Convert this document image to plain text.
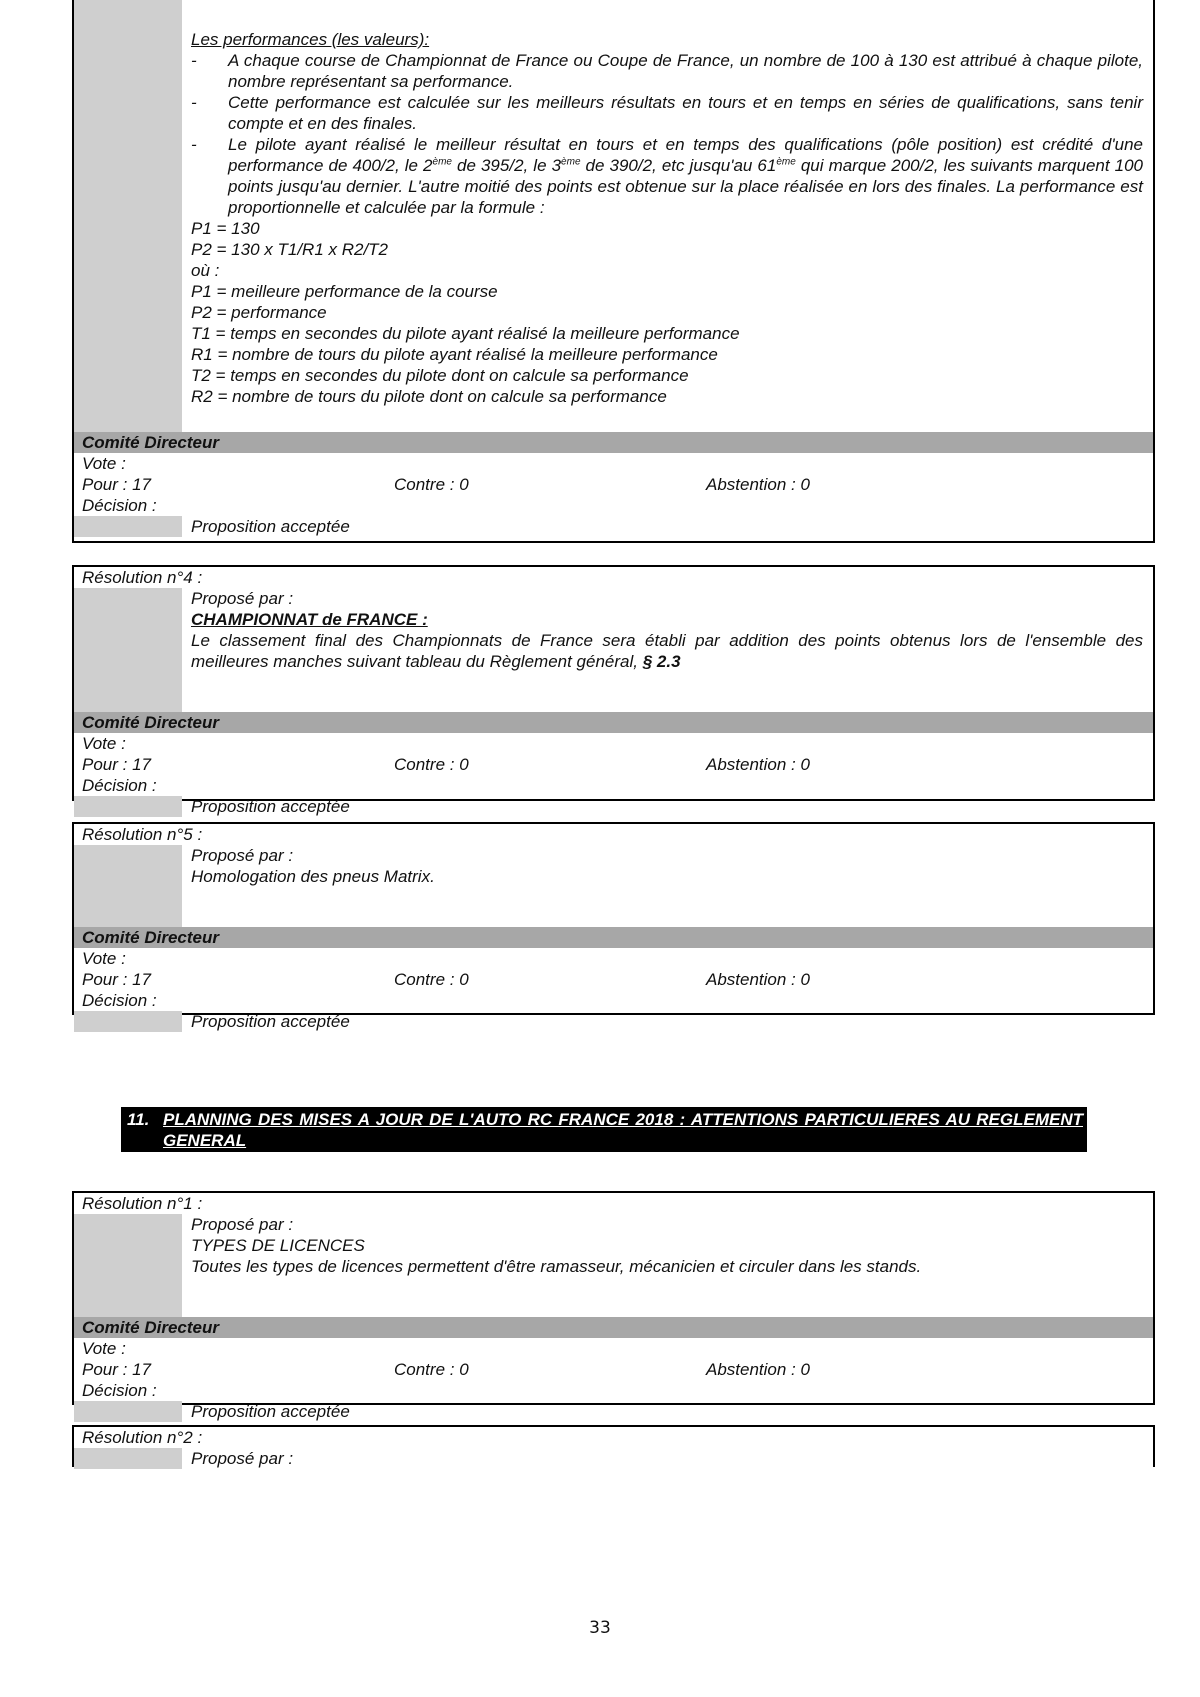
Les performances (les valeurs):
-	A chaque course de Championnat de France ou Coupe de France, un nombre de 100 à 130 est attribué à chaque pilote, nombre représentant sa performance.
-	Cette performance est calculée sur les meilleurs résultats en tours et en temps en séries de qualifications, sans tenir compte et en des finales.
-	Le pilote ayant réalisé le meilleur résultat en tours et en temps des qualifications (pôle position) est crédité d'une performance de 400/2, le 2ème de 395/2, le 3ème de 390/2, etc jusqu'au 61ème qui marque 200/2, les suivants marquent 100 points jusqu'au dernier. L'autre moitié des points est obtenue sur la place réalisée en lors des finales. La performance est proportionnelle et calculée par la formule :
P1 = 130
P2 = 130 x T1/R1 x R2/T2
où :
P1 = meilleure performance de la course
P2 = performance
T1 = temps en secondes du pilote ayant réalisé la meilleure performance
R1 = nombre de tours du pilote ayant réalisé la meilleure performance
T2 = temps en secondes du pilote dont on calcule sa performance
R2 = nombre de tours du pilote dont on calcule sa performance
Comité Directeur
Vote :
Pour : 17	Contre : 0	Abstention : 0
Décision :
Proposition acceptée
Résolution n°4 :
Proposé par :
CHAMPIONNAT de FRANCE :
Le classement final des Championnats de France sera établi par addition des points obtenus lors de l'ensemble des meilleures manches suivant tableau du Règlement général, § 2.3
Comité Directeur
Vote :
Pour : 17	Contre : 0	Abstention : 0
Décision :
Proposition acceptée
Résolution n°5 :
Proposé par :
Homologation des pneus Matrix.
Comité Directeur
Vote :
Pour : 17	Contre : 0	Abstention : 0
Décision :
Proposition acceptée
11. PLANNING DES MISES A JOUR DE L'AUTO RC FRANCE 2018 : ATTENTIONS PARTICULIERES AU REGLEMENT GENERAL
Résolution n°1 :
Proposé par :
TYPES DE LICENCES
Toutes les types de licences permettent d'être ramasseur, mécanicien et circuler dans les stands.
Comité Directeur
Vote :
Pour : 17	Contre : 0	Abstention : 0
Décision :
Proposition acceptée
Résolution n°2 :
Proposé par :
33
